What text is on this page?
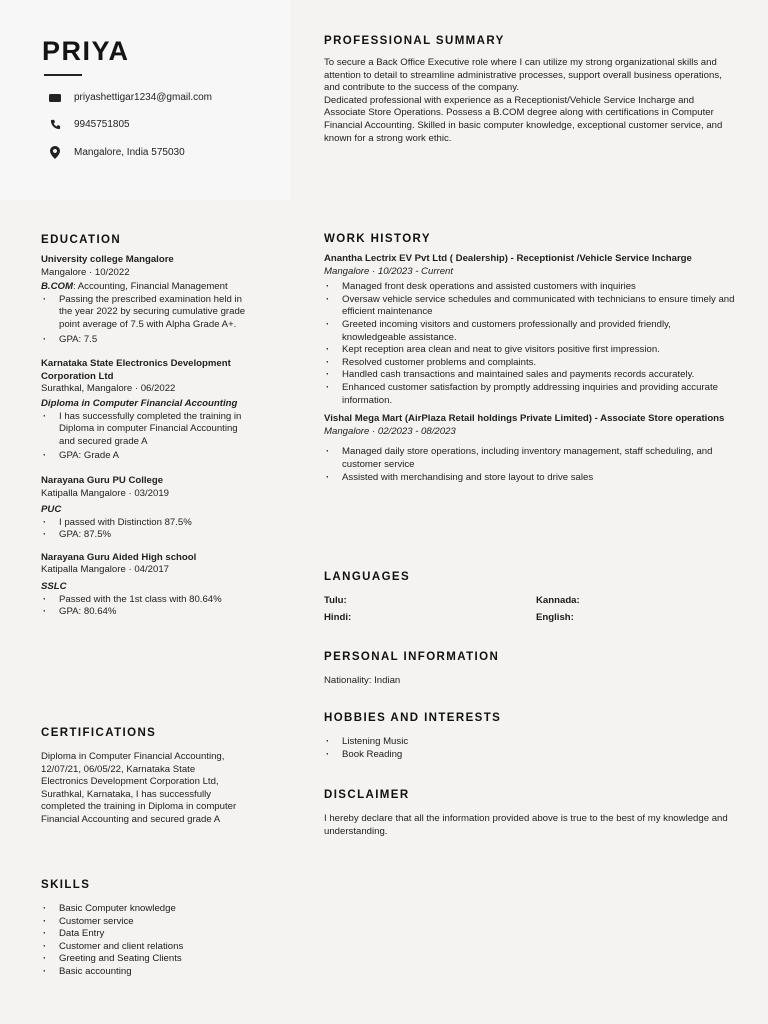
PRIYA
priyashettigar1234@gmail.com
9945751805
Mangalore, India 575030
EDUCATION
University college Mangalore
Mangalore · 10/2022
B.COM: Accounting, Financial Management
· Passing the prescribed examination held in the year 2022 by securing cumulative grade point average of 7.5 with Alpha Grade A+.
· GPA: 7.5
Karnataka State Electronics Development Corporation Ltd
Surathkal, Mangalore · 06/2022
Diploma in Computer Financial Accounting
· I has successfully completed the training in Diploma in computer Financial Accounting and secured grade A
· GPA: Grade A
Narayana Guru PU College
Katipalla Mangalore · 03/2019
PUC
· I passed with Distinction 87.5%
· GPA: 87.5%
Narayana Guru Aided High school
Katipalla Mangalore · 04/2017
SSLC
· Passed with the 1st class with 80.64%
· GPA: 80.64%
CERTIFICATIONS
Diploma in Computer Financial Accounting, 12/07/21, 06/05/22, Karnataka State Electronics Development Corporation Ltd, Surathkal, Karnataka, I has successfully completed the training in Diploma in computer Financial Accounting and secured grade A
SKILLS
· Basic Computer knowledge
· Customer service
· Data Entry
· Customer and client relations
· Greeting and Seating Clients
· Basic accounting
PROFESSIONAL SUMMARY
To secure a Back Office Executive role where I can utilize my strong organizational skills and attention to detail to streamline administrative processes, support overall business operations, and contribute to the success of the company.
Dedicated professional with experience as a Receptionist/Vehicle Service Incharge and Associate Store Operations. Possess a B.COM degree along with certifications in Computer Financial Accounting. Skilled in basic computer knowledge, exceptional customer service, and known for a strong work ethic.
WORK HISTORY
Anantha Lectrix EV Pvt Ltd ( Dealership) - Receptionist /Vehicle Service Incharge
Mangalore · 10/2023 - Current
· Managed front desk operations and assisted customers with inquiries
· Oversaw vehicle service schedules and communicated with technicians to ensure timely and efficient maintenance
· Greeted incoming visitors and customers professionally and provided friendly, knowledgeable assistance.
· Kept reception area clean and neat to give visitors positive first impression.
· Resolved customer problems and complaints.
· Handled cash transactions and maintained sales and payments records accurately.
· Enhanced customer satisfaction by promptly addressing inquiries and providing accurate information.
Vishal Mega Mart (AirPlaza Retail holdings Private Limited) - Associate Store operations
Mangalore · 02/2023 - 08/2023
· Managed daily store operations, including inventory management, staff scheduling, and customer service
· Assisted with merchandising and store layout to drive sales
LANGUAGES
Tulu:	Kannada:
Hindi:	English:
PERSONAL INFORMATION
Nationality: Indian
HOBBIES AND INTERESTS
· Listening Music
· Book Reading
DISCLAIMER
I hereby declare that all the information provided above is true to the best of my knowledge and understanding.
